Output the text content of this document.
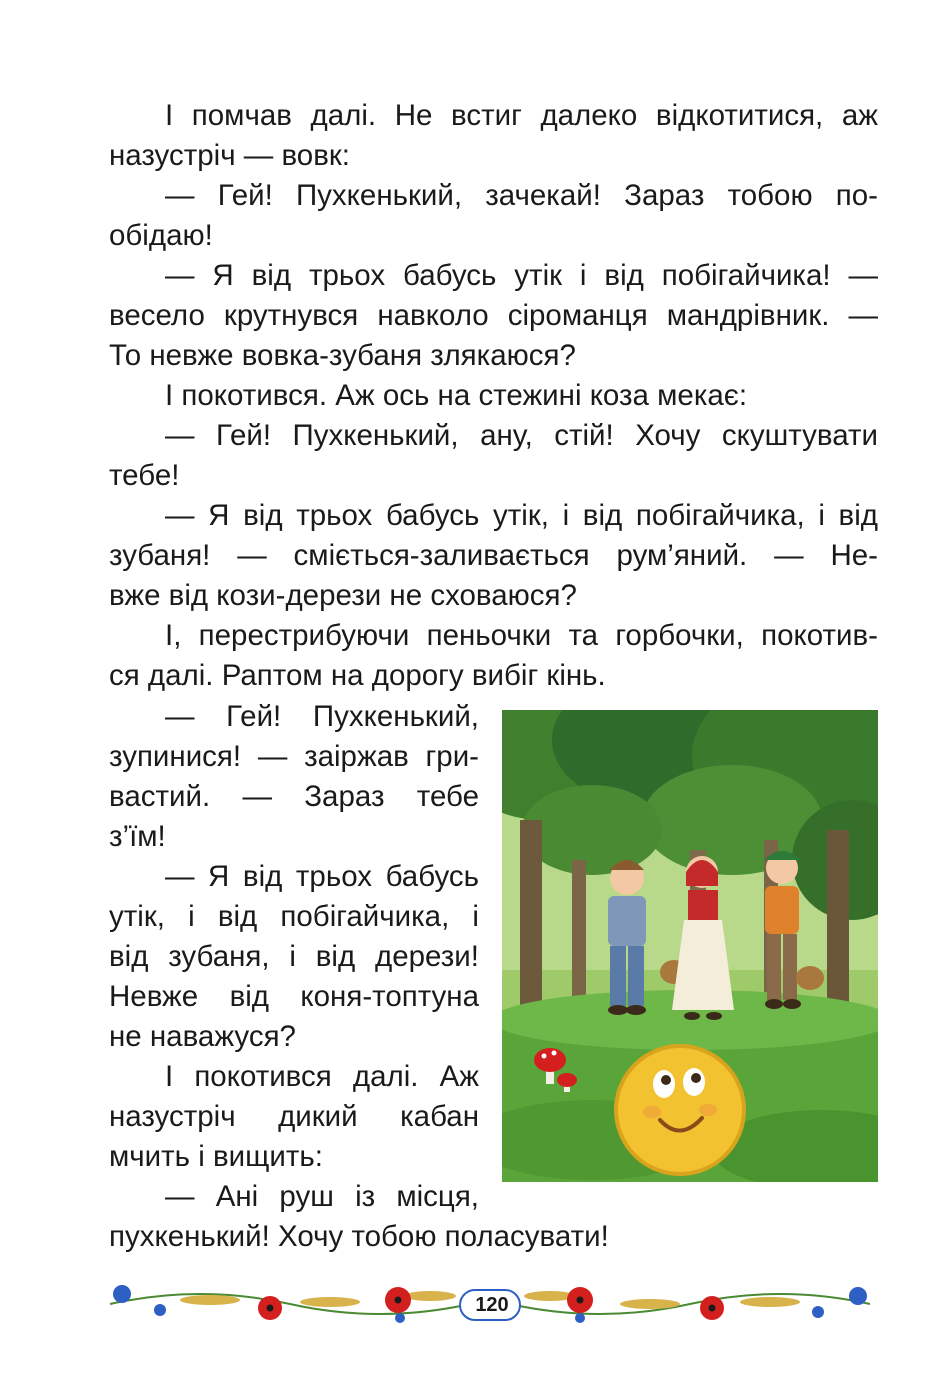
І помчав далі. Не встиг далеко відкотитися, аж
назустріч — вовк:
— Гей! Пухкенький, зачекай! Зараз тобою по-
обідаю!
— Я від трьох бабусь утік і від побігайчика! —
весело крутнувся навколо сіроманця мандрівник. —
То невже вовка-зубаня злякаюся?
І покотився. Аж ось на стежині коза мекає:
— Гей! Пухкенький, ану, стій! Хочу скуштувати
тебе!
— Я від трьох бабусь утік, і від побігайчика, і від
зубаня! — сміється-заливається рум’яний. — Не-
вже від кози-дерези не сховаюся?
І, перестрибуючи пеньочки та горбочки, покотив-
ся далі. Раптом на дорогу вибіг кінь.
— Гей! Пухкенький,
зупинися! — заіржав гри-
вастий. — Зараз тебе
з’їм!
— Я від трьох бабусь
утік, і від побігайчика, і
від зубаня, і від дерези!
Невже від коня-топтуна
не наважуся?
І покотився далі. Аж
назустріч дикий кабан
мчить і вищить:
— Ані руш із місця,
пухкенький! Хочу тобою поласувати!
120
